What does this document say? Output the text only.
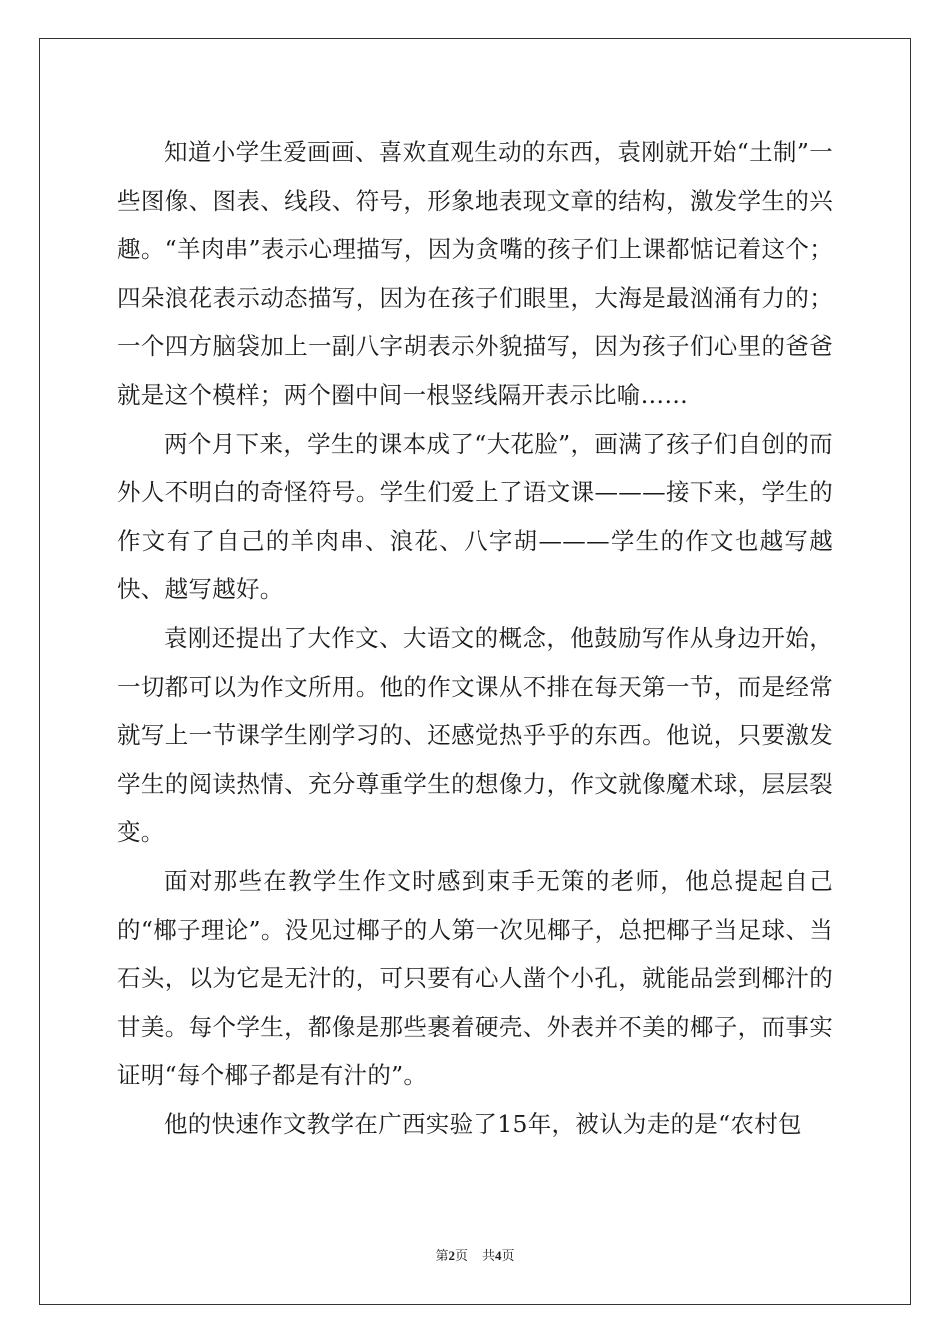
知道小学生爱画画、喜欢直观生动的东西，袁刚就开始“土制”一些图像、图表、线段、符号，形象地表现文章的结构，激发学生的兴趣。“羊肉串”表示心理描写，因为贪嘴的孩子们上课都惦记着这个；四朵浪花表示动态描写，因为在孩子们眼里，大海是最汹涌有力的；一个四方脑袋加上一副八字胡表示外貌描写，因为孩子们心里的爸爸就是这个模样；两个圈中间一根竖线隔开表示比喻……

两个月下来，学生的课本成了“大花脸”，画满了孩子们自创的而外人不明白的奇怪符号。学生们爱上了语文课———接下来，学生的作文有了自己的羊肉串、浪花、八字胡———学生的作文也越写越快、越写越好。

袁刚还提出了大作文、大语文的概念，他鼓励写作从身边开始，一切都可以为作文所用。他的作文课从不排在每天第一节，而是经常就写上一节课学生刚学习的、还感觉热乎乎的东西。他说，只要激发学生的阅读热情、充分尊重学生的想像力，作文就像魔术球，层层裂变。

面对那些在教学生作文时感到束手无策的老师，他总提起自己的“椰子理论”。没见过椰子的人第一次见椰子，总把椰子当足球、当石头，以为它是无汁的，可只要有心人凿个小孔，就能品尝到椰汁的甘美。每个学生，都像是那些裹着硬壳、外表并不美的椰子，而事实证明“每个椰子都是有汁的”。

他的快速作文教学在广西实验了15年，被认为走的是“农村包

第2页 共4页
